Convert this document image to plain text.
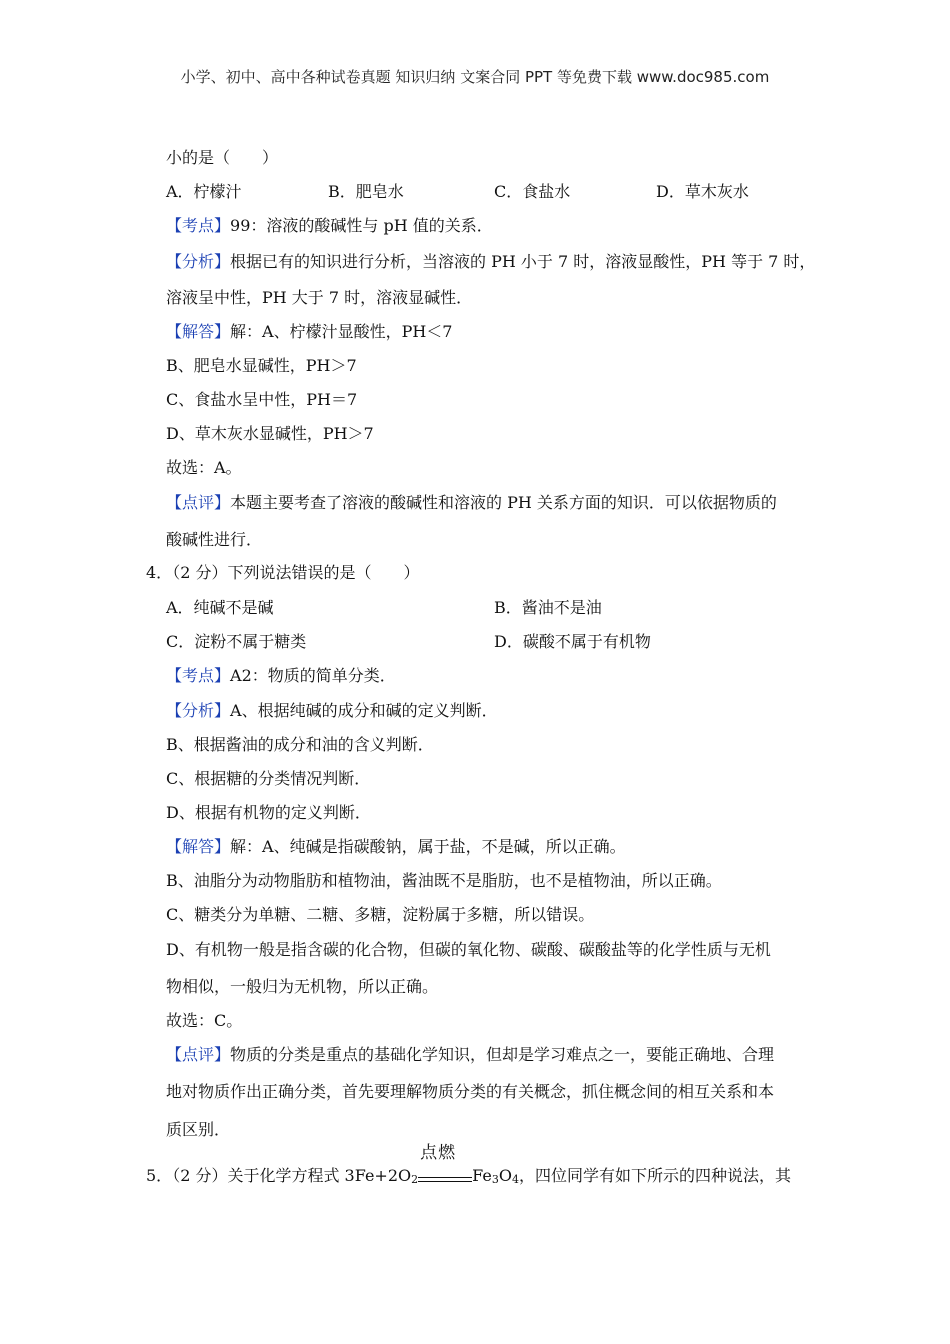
小学、初中、高中各种试卷真题 知识归纳 文案合同 PPT 等免费下载 www.doc985.com
小的是（　　）
A．柠檬汁	B．肥皂水	C．食盐水	D．草木灰水
【考点】99：溶液的酸碱性与 pH 值的关系．
【分析】根据已有的知识进行分析，当溶液的 PH 小于 7 时，溶液显酸性，PH 等于 7 时，
溶液呈中性，PH 大于 7 时，溶液显碱性．
【解答】解：A、柠檬汁显酸性，PH＜7
B、肥皂水显碱性，PH＞7
C、食盐水呈中性，PH＝7
D、草木灰水显碱性，PH＞7
故选：A。
【点评】本题主要考查了溶液的酸碱性和溶液的 PH 关系方面的知识．可以依据物质的
酸碱性进行．
4．（2 分）下列说法错误的是（　　）
A．纯碱不是碱	B．酱油不是油
C．淀粉不属于糖类	D．碳酸不属于有机物
【考点】A2：物质的简单分类．
【分析】A、根据纯碱的成分和碱的定义判断．
B、根据酱油的成分和油的含义判断．
C、根据糖的分类情况判断．
D、根据有机物的定义判断．
【解答】解：A、纯碱是指碳酸钠，属于盐，不是碱，所以正确。
B、油脂分为动物脂肪和植物油，酱油既不是脂肪，也不是植物油，所以正确。
C、糖类分为单糖、二糖、多糖，淀粉属于多糖，所以错误。
D、有机物一般是指含碳的化合物，但碳的氧化物、碳酸、碳酸盐等的化学性质与无机
物相似，一般归为无机物，所以正确。
故选：C。
【点评】物质的分类是重点的基础化学知识，但却是学习难点之一，要能正确地、合理
地对物质作出正确分类，首先要理解物质分类的有关概念，抓住概念间的相互关系和本
质区别．
5．（2 分）关于化学方程式 $3Fe+2O_2$
点燃
$Fe_3O_4$，四位同学有如下所示的四种说法，其
